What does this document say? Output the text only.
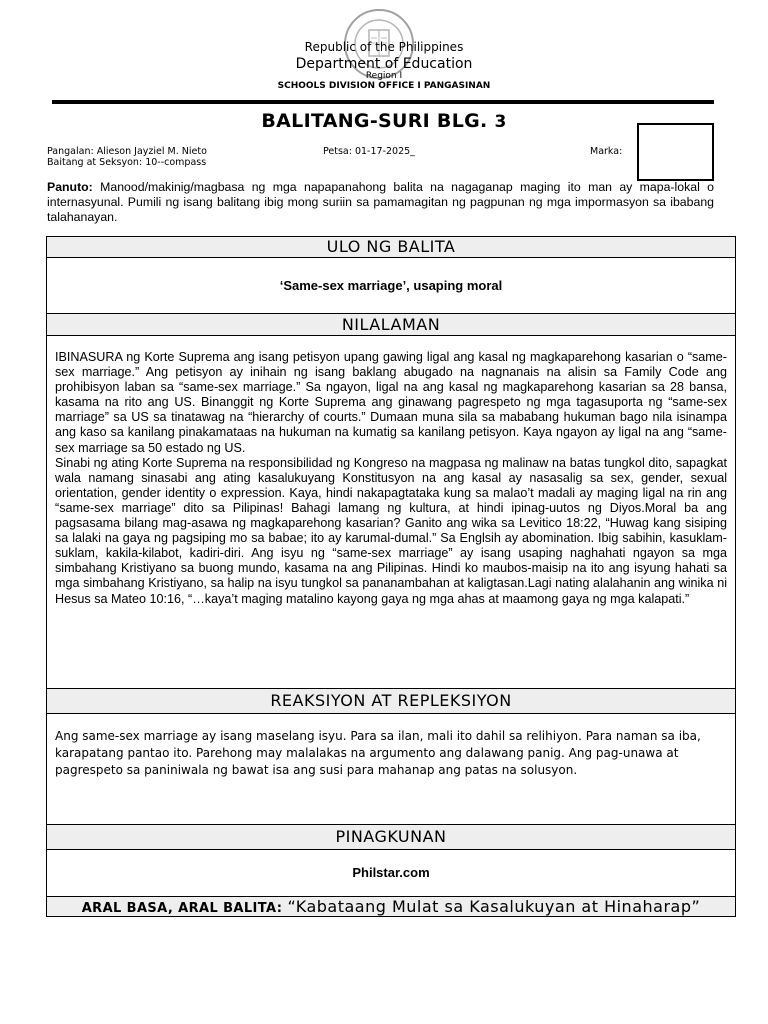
Republic of the Philippines
Department of Education
Region I
SCHOOLS DIVISION OFFICE I PANGASINAN
BALITANG-SURI BLG. 3
Pangalan: Alieson Jayziel M. Nieto
Baitang at Seksyon: 10--compass
Petsa: 01-17-2025_	Marka:
Panuto: Manood/makinig/magbasa ng mga napapanahong balita na nagaganap maging ito man ay mapa-lokal o internasyunal. Pumili ng isang balitang ibig mong suriin sa pamamagitan ng pagpunan ng mga impormasyon sa ibabang talahanayan.
ULO NG BALITA
‘Same-sex marriage’, usaping moral
NILALAMAN

IBINASURA ng Korte Suprema ang isang petisyon upang gawing ligal ang kasal ng magkaparehong kasarian o “same-sex marriage.” Ang petisyon ay inihain ng isang baklang abugado na nagnanais na alisin sa Family Code ang prohibisyon laban sa “same-sex marriage.” Sa ngayon, ligal na ang kasal ng magkaparehong kasarian sa 28 bansa, kasama na rito ang US. Binanggit ng Korte Suprema ang ginawang pagrespeto ng mga tagasuporta ng “same-sex marriage” sa US sa tinatawag na “hierarchy of courts.” Dumaan muna sila sa mababang hukuman bago nila isinampa ang kaso sa kanilang pinakamataas na hukuman na kumatig sa kanilang petisyon. Kaya ngayon ay ligal na ang “same-sex marriage sa 50 estado ng US.

Sinabi ng ating Korte Suprema na responsibilidad ng Kongreso na magpasa ng malinaw na batas tungkol dito, sapagkat wala namang sinasabi ang ating kasalukuyang Konstitusyon na ang kasal ay nasasalig sa sex, gender, sexual orientation, gender identity o expression. Kaya, hindi nakapagtataka kung sa malao’t madali ay maging ligal na rin ang “same-sex marriage” dito sa Pilipinas! Bahagi lamang ng kultura, at hindi ipinag-uutos ng Diyos.Moral ba ang pagsasama bilang mag-asawa ng magkaparehong kasarian? Ganito ang wika sa Levitico 18:22, “Huwag kang sisiping sa lalaki na gaya ng pagsiping mo sa babae; ito ay karumal-dumal.” Sa Englsih ay abomination. Ibig sabihin, kasuklam-suklam, kakila-kilabot, kadiri-diri. Ang isyu ng “same-sex marriage” ay isang usaping naghahati ngayon sa mga simbahang Kristiyano sa buong mundo, kasama na ang Pilipinas. Hindi ko maubos-maisip na ito ang isyung hahati sa mga simbahang Kristiyano, sa halip na isyu tungkol sa pananambahan at kaligtasan.Lagi nating alalahanin ang winika ni Hesus sa Mateo 10:16, “…kaya’t maging matalino kayong gaya ng mga ahas at maamong gaya ng mga kalapati.”

REAKSIYON AT REPLEKSIYON
Ang same-sex marriage ay isang maselang isyu. Para sa ilan, mali ito dahil sa relihiyon. Para naman sa iba, karapatang pantao ito. Parehong may malalakas na argumento ang dalawang panig. Ang pag-unawa at pagrespeto sa paniniwala ng bawat isa ang susi para mahanap ang patas na solusyon.
PINAGKUNAN
Philstar.com
ARAL BASA, ARAL BALITA: “Kabataang Mulat sa Kasalukuyan at Hinaharap”
